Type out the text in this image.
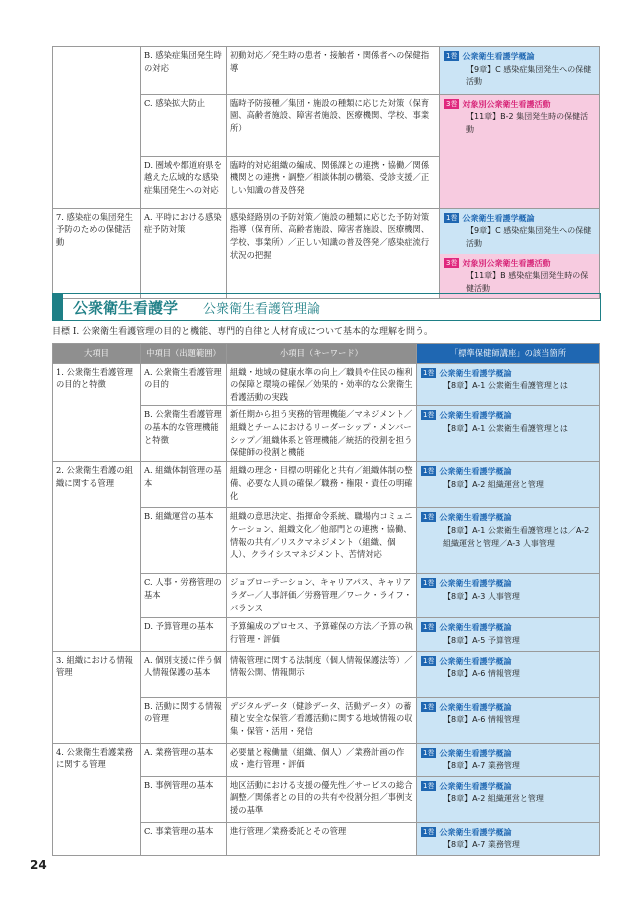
	B. 感染症集団発生時の対応	初動対応／発生時の患者・接触者・関係者への保健指導	1巻 公衆衛生看護学概論
【9章】C 感染症集団発生への保健活動

	C. 感染拡大防止	臨時予防接種／集団・施設の種類に応じた対策（保育園、高齢者施設、障害者施設、医療機関、学校、事業所）	3巻 対象別公衆衛生看護活動
【11章】B-2 集団発生時の保健活動

	D. 圏域や都道府県を越えた広域的な感染症集団発生への対応	臨時的対応組織の編成、関係課との連携・協働／関係機関との連携・調整／相談体制の構築、受診支援／正しい知識の普及啓発	
7. 感染症の集団発生予防のための保健活動	A. 平時における感染症予防対策	感染経路別の予防対策／施設の種類に応じた予防対策指導（保育所、高齢者施設、障害者施設、医療機関、学校、事業所）／正しい知識の普及啓発／感染症流行状況の把握	1巻 公衆衛生看護学概論
【9章】C 感染症集団発生への保健活動
3巻 対象別公衆衛生看護活動
【11章】B 感染症集団発生時の保健活動
公衆衛生看護学 公衆衛生看護管理論
目標 I. 公衆衛生看護管理の目的と機能、専門的自律と人材育成について基本的な理解を問う。
大項目	中項目（出題範囲）	小項目（キーワード）	「標準保健師講座」の該当箇所
1. 公衆衛生看護管理の目的と特徴	A. 公衆衛生看護管理の目的	組織・地域の健康水準の向上／職員や住民の権利の保障と環境の確保／効果的・効率的な公衆衛生看護活動の実践	1巻 公衆衛生看護学概論
【8章】A-1 公衆衛生看護管理とは

	B. 公衆衛生看護管理の基本的な管理機能と特徴	新任期から担う実務的管理機能／マネジメント／組織とチームにおけるリーダーシップ・メンバーシップ／組織体系と管理機能／統括的役割を担う保健師の役割と機能	1巻 公衆衛生看護学概論
【8章】A-1 公衆衛生看護管理とは

2. 公衆衛生看護の組織に関する管理	A. 組織体制管理の基本	組織の理念・目標の明確化と共有／組織体制の整備、必要な人員の確保／職務・権限・責任の明確化	1巻 公衆衛生看護学概論
【8章】A-2 組織運営と管理

	B. 組織運営の基本	組織の意思決定、指揮命令系統、職場内コミュニケーション、組織文化／他部門との連携・協働、情報の共有／リスクマネジメント（組織、個人）、クライシスマネジメント、苦情対応	1巻 公衆衛生看護学概論
【8章】A-1 公衆衛生看護管理とは／A-2 組織運営と管理／A-3 人事管理

	C. 人事・労務管理の基本	ジョブローテーション、キャリアパス、キャリアラダー／人事評価／労務管理／ワーク・ライフ・バランス	1巻 公衆衛生看護学概論
【8章】A-3 人事管理

	D. 予算管理の基本	予算編成のプロセス、予算確保の方法／予算の執行管理・評価	1巻 公衆衛生看護学概論
【8章】A-5 予算管理

3. 組織における情報管理	A. 個別支援に伴う個人情報保護の基本	情報管理に関する法制度（個人情報保護法等）／情報公開、情報開示	1巻 公衆衛生看護学概論
【8章】A-6 情報管理

	B. 活動に関する情報の管理	デジタルデータ（健診データ、活動データ）の蓄積と安全な保管／看護活動に関する地域情報の収集・保管・活用・発信	1巻 公衆衛生看護学概論
【8章】A-6 情報管理

4. 公衆衛生看護業務に関する管理	A. 業務管理の基本	必要量と稼働量（組織、個人）／業務計画の作成・進行管理・評価	1巻 公衆衛生看護学概論
【8章】A-7 業務管理

	B. 事例管理の基本	地区活動における支援の優先性／サービスの総合調整／関係者との目的の共有や役割分担／事例支援の基準	1巻 公衆衛生看護学概論
【8章】A-2 組織運営と管理

	C. 事業管理の基本	進行管理／業務委託とその管理	1巻 公衆衛生看護学概論
【8章】A-7 業務管理
24
